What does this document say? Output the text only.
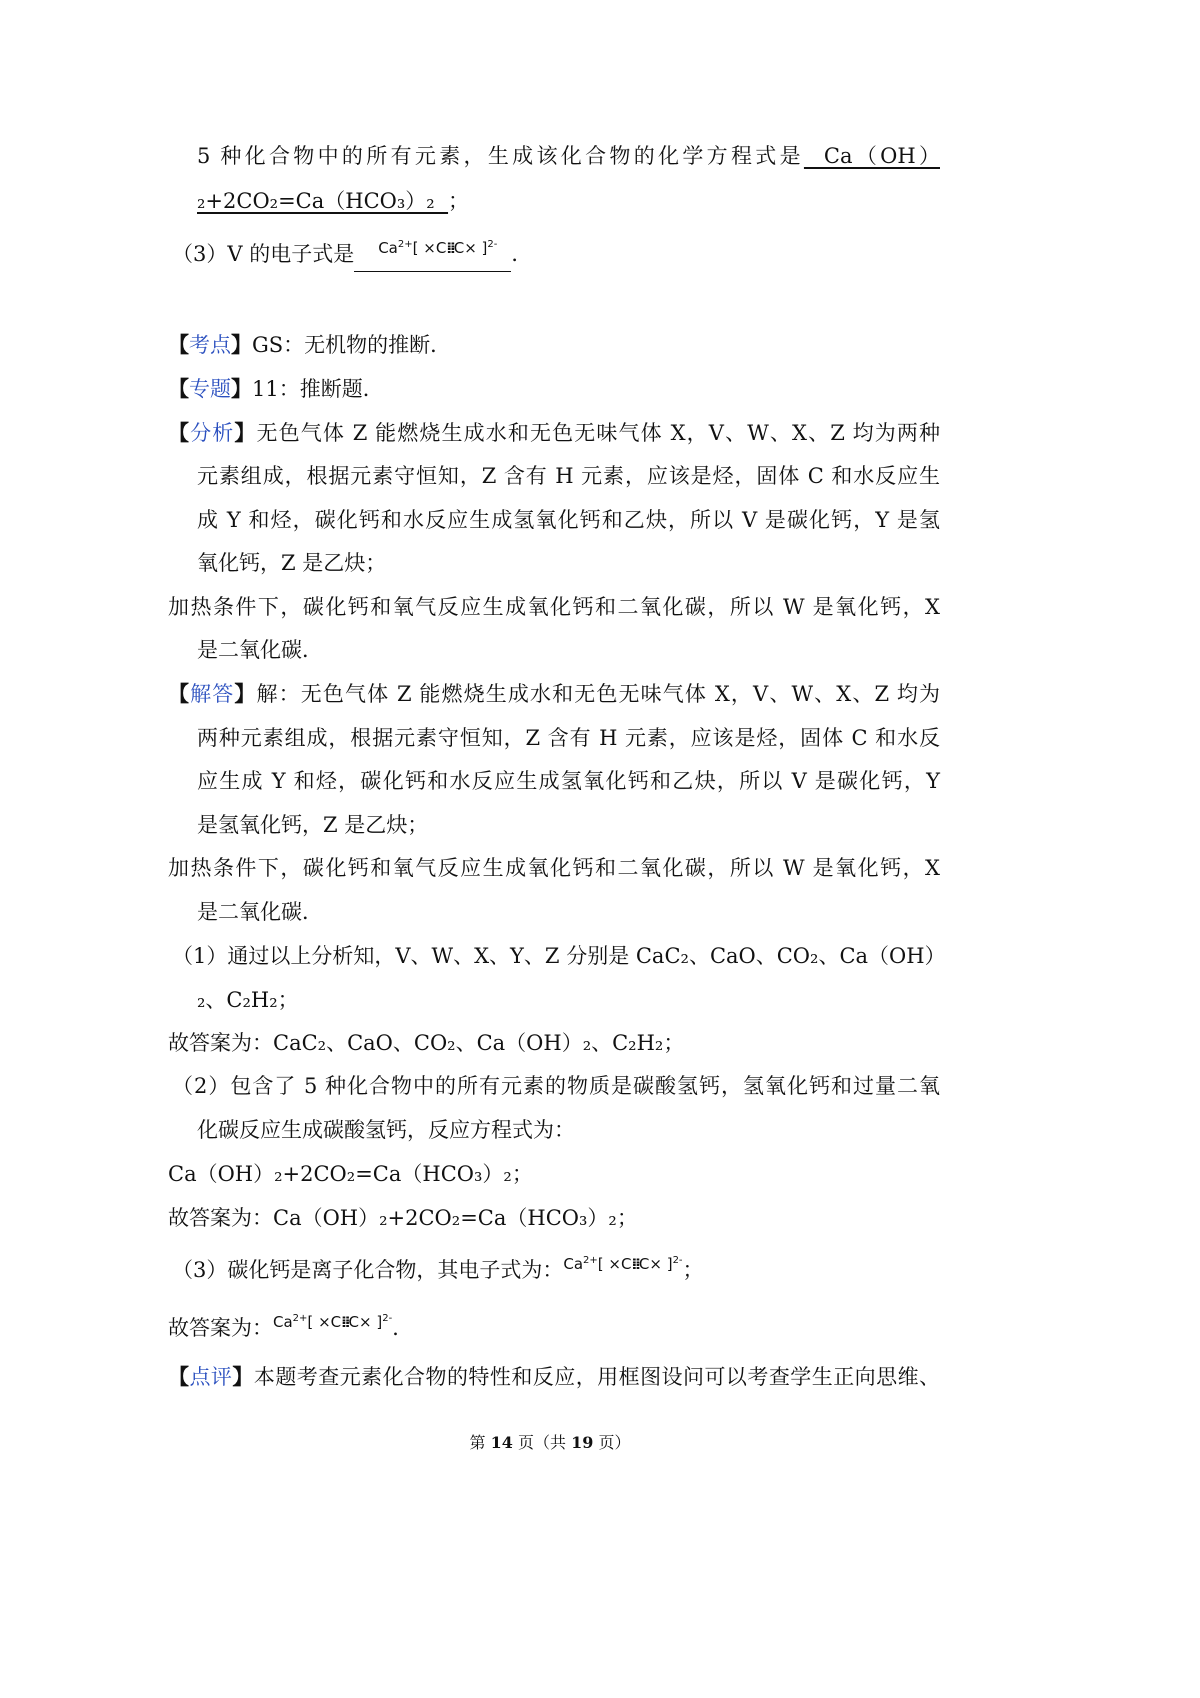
5 种化合物中的所有元素，生成该化合物的化学方程式是  Ca（OH）
₂+2CO₂=Ca（HCO₃）₂  ；
（3）V 的电子式是 $Ca^{2+}$[ ×C⁞⁞C× ]$^{2-}$ ．
【考点】GS：无机物的推断．
【专题】11：推断题．
【分析】无色气体 Z 能燃烧生成水和无色无味气体 X，V、W、X、Z 均为两种
元素组成，根据元素守恒知，Z 含有 H 元素，应该是烃，固体 C 和水反应生
成 Y 和烃，碳化钙和水反应生成氢氧化钙和乙炔，所以 V 是碳化钙，Y 是氢
氧化钙，Z 是乙炔；
加热条件下，碳化钙和氧气反应生成氧化钙和二氧化碳，所以 W 是氧化钙，X
是二氧化碳．
【解答】解：无色气体 Z 能燃烧生成水和无色无味气体 X，V、W、X、Z 均为
两种元素组成，根据元素守恒知，Z 含有 H 元素，应该是烃，固体 C 和水反
应生成 Y 和烃，碳化钙和水反应生成氢氧化钙和乙炔，所以 V 是碳化钙，Y
是氢氧化钙，Z 是乙炔；
加热条件下，碳化钙和氧气反应生成氧化钙和二氧化碳，所以 W 是氧化钙，X
是二氧化碳．
（1）通过以上分析知，V、W、X、Y、Z 分别是 CaC₂、CaO、CO₂、Ca（OH）
₂、C₂H₂；
故答案为：CaC₂、CaO、CO₂、Ca（OH）₂、C₂H₂；
（2）包含了 5 种化合物中的所有元素的物质是碳酸氢钙，氢氧化钙和过量二氧
化碳反应生成碳酸氢钙，反应方程式为：
Ca（OH）₂+2CO₂=Ca（HCO₃）₂；
故答案为：Ca（OH）₂+2CO₂=Ca（HCO₃）₂；
（3）碳化钙是离子化合物，其电子式为：$Ca^{2+}$[ ×C⁞⁞C× ]$^{2-}$；
故答案为：$Ca^{2+}$[ ×C⁞⁞C× ]$^{2-}$．
【点评】本题考查元素化合物的特性和反应，用框图设问可以考查学生正向思维、
第 14 页（共 19 页）
